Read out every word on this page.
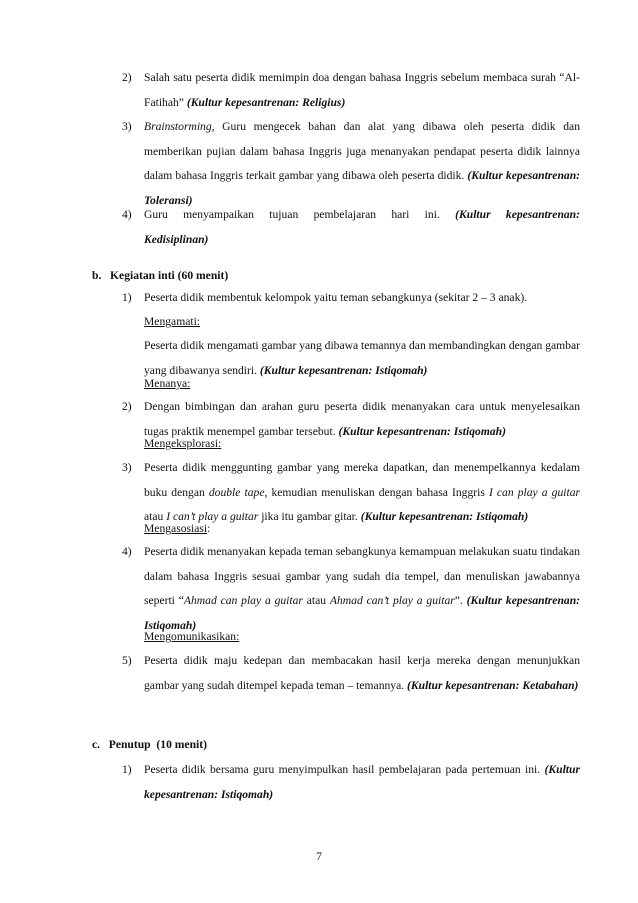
2)	Salah satu peserta didik memimpin doa dengan bahasa Inggris sebelum membaca surah “Al-Fatihah” (Kultur kepesantrenan: Religius)
3)	Brainstorming, Guru mengecek bahan dan alat yang dibawa oleh peserta didik dan memberikan pujian dalam bahasa Inggris juga menanyakan pendapat peserta didik lainnya dalam bahasa Inggris terkait gambar yang dibawa oleh peserta didik. (Kultur kepesantrenan: Toleransi)
4)	Guru menyampaikan tujuan pembelajaran hari ini. (Kultur kepesantrenan:
Kedisiplinan)
b.   Kegiatan inti (60 menit)
1)	Peserta didik membentuk kelompok yaitu teman sebangkunya (sekitar 2 – 3 anak).
Mengamati:
Peserta didik mengamati gambar yang dibawa temannya dan membandingkan dengan gambar yang dibawanya sendiri. (Kultur kepesantrenan: Istiqomah)
Menanya:
2)	Dengan bimbingan dan arahan guru peserta didik menanyakan cara untuk menyelesaikan tugas praktik menempel gambar tersebut. (Kultur kepesantrenan: Istiqomah)
Mengeksplorasi:
3)	Peserta didik menggunting gambar yang mereka dapatkan, dan menempelkannya kedalam buku dengan double tape, kemudian menuliskan dengan bahasa Inggris I can play a guitar atau I can’t play a guitar jika itu gambar gitar. (Kultur kepesantrenan: Istiqomah)
Mengasosiasi:
4)	Peserta didik menanyakan kepada teman sebangkunya kemampuan melakukan suatu tindakan dalam bahasa Inggris sesuai gambar yang sudah dia tempel, dan menuliskan jawabannya seperti “Ahmad can play a guitar atau Ahmad can’t play a guitar”. (Kultur kepesantrenan: Istiqomah)
Mengomunikasikan:
5)	Peserta didik maju kedepan dan membacakan hasil kerja mereka dengan menunjukkan gambar yang sudah ditempel kepada teman – temannya. (Kultur kepesantrenan: Ketabahan)
c.   Penutup  (10 menit)
1)	Peserta didik bersama guru menyimpulkan hasil pembelajaran pada pertemuan ini. (Kultur kepesantrenan: Istiqomah)
7
